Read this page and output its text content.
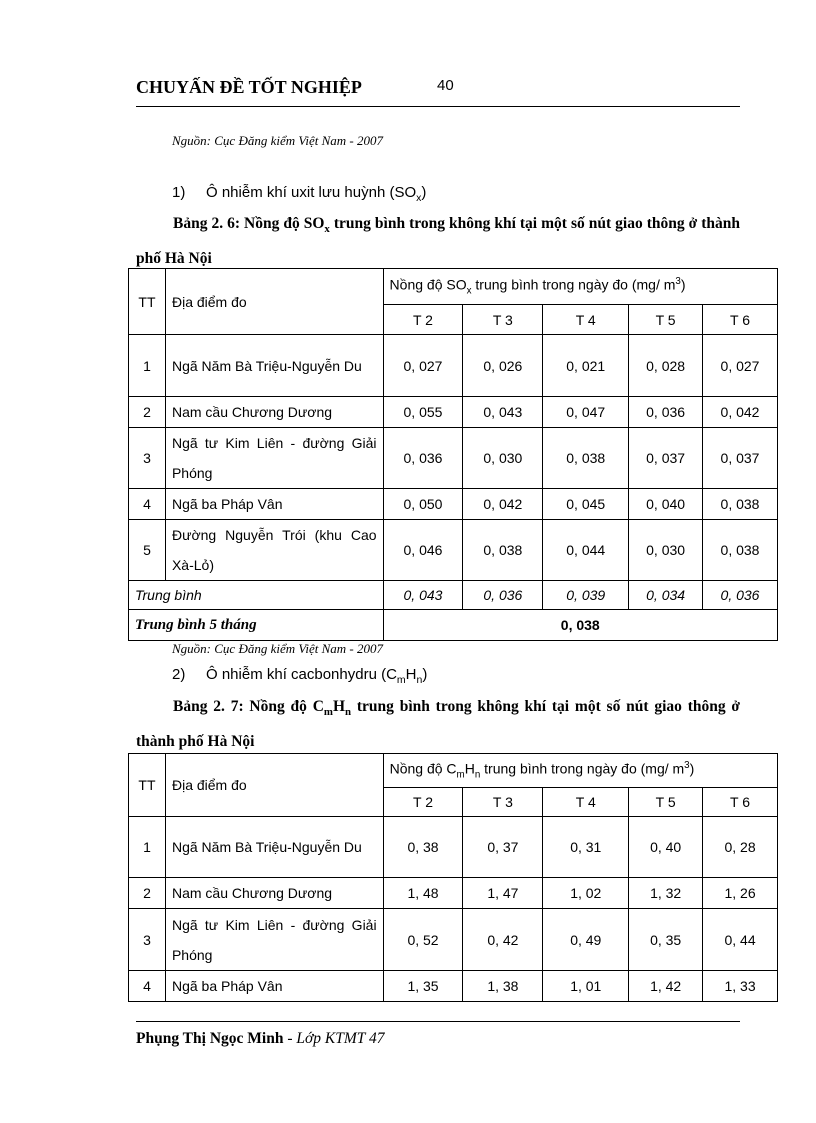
CHUYẤN ĐỀ TỐT NGHIỆP	40
Nguồn: Cục Đăng kiểm Việt Nam - 2007
1) Ô nhiễm khí uxit lưu huỳnh $(SO_x)$
Bảng 2. 6: Nồng độ $SO_x$ trung bình trong không khí tại một số nút giao thông ở thành phố Hà Nội
TT	Địa điểm đo	Nồng độ $SO_x$ trung bình trong ngày đo (mg/ $m^3$)				
		T 2	T 3	T 4	T 5	T 6
1	Ngã Năm Bà Triệu-Nguyễn Du	0, 027	0, 026	0, 021	0, 028	0, 027
2	Nam cầu Chương Dương	0, 055	0, 043	0, 047	0, 036	0, 042
3	Ngã tư Kim Liên - đường Giải Phóng	0, 036	0, 030	0, 038	0, 037	0, 037
4	Ngã ba Pháp Vân	0, 050	0, 042	0, 045	0, 040	0, 038
5	Đường Nguyễn Trói (khu Cao Xà-Lỏ)	0, 046	0, 038	0, 044	0, 030	0, 038
Trung bình		0, 043	0, 036	0, 039	0, 034	0, 036
Trung bình 5 tháng		0, 038				
Nguồn: Cục Đăng kiểm Việt Nam - 2007
2) Ô nhiễm khí cacbonhydru $(C_mH_n)$
Bảng 2. 7: Nồng độ $C_mH_n$ trung bình trong không khí tại một số nút giao thông ở thành phố Hà Nội
TT	Địa điểm đo	Nồng độ $C_mH_n$ trung bình trong ngày đo (mg/ $m^3$)				
		T 2	T 3	T 4	T 5	T 6
1	Ngã Năm Bà Triệu-Nguyễn Du	0, 38	0, 37	0, 31	0, 40	0, 28
2	Nam cầu Chương Dương	1, 48	1, 47	1, 02	1, 32	1, 26
3	Ngã tư Kim Liên - đường Giải Phóng	0, 52	0, 42	0, 49	0, 35	0, 44
4	Ngã ba Pháp Vân	1, 35	1, 38	1, 01	1, 42	1, 33
Phụng Thị Ngọc Minh - Lớp KTMT 47
